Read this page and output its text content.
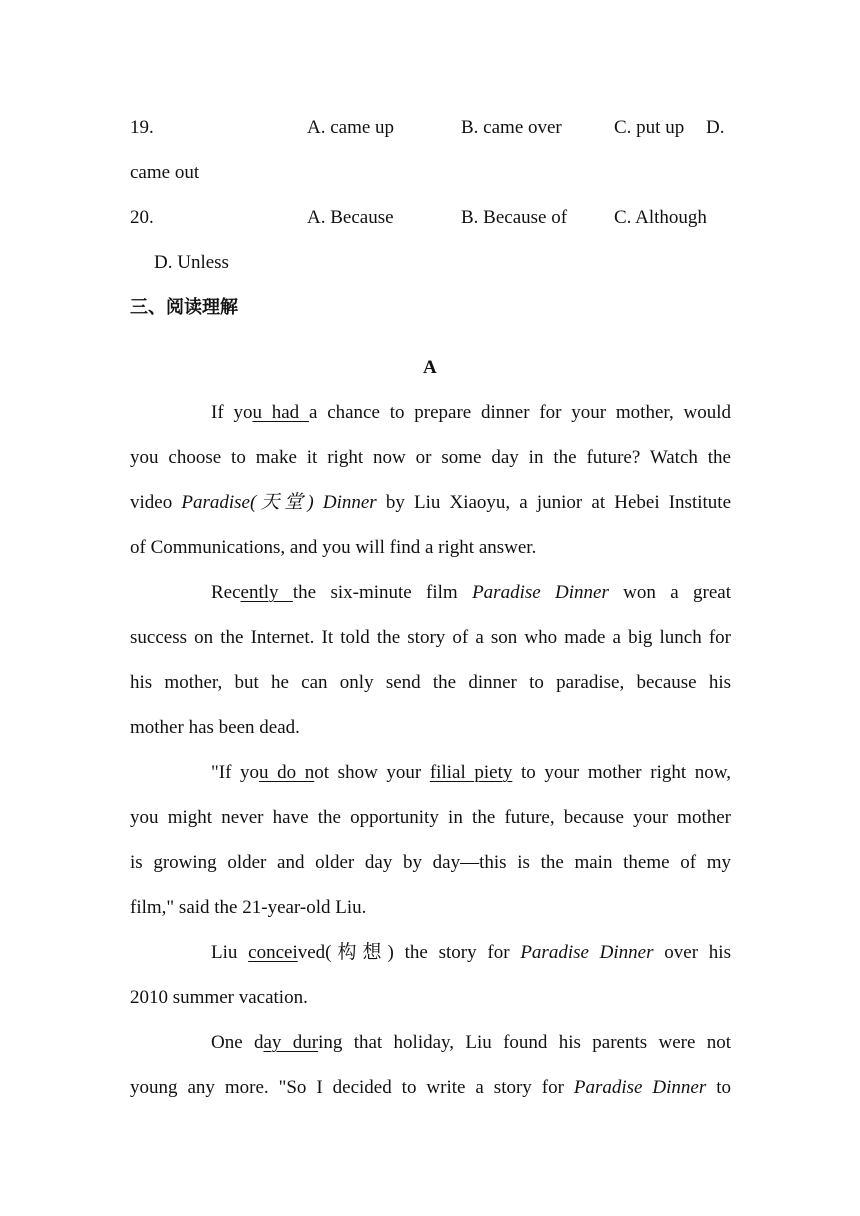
19.	A. came up	B. came over	C. put up D.
came out
20.	A. Because	B. Because of C. Although
D. Unless
三、阅读理解
A
If you had a chance to prepare dinner for your mother, would
you choose to make it right now or some day in the future? Watch the
video Paradise(天堂) Dinner by Liu Xiaoyu, a junior at Hebei Institute
of Communications, and you will find a right answer.
Recently the six-minute film Paradise Dinner won a great
success on the Internet. It told the story of a son who made a big lunch for
his mother, but he can only send the dinner to paradise, because his
mother has been dead.
"If you do not show your filial piety to your mother right now,
you might never have the opportunity in the future, because your mother
is growing older and older day by day—this is the main theme of my
film," said the 21-year-old Liu.
Liu conceived(构想) the story for Paradise Dinner over his
2010 summer vacation.
One day during that holiday, Liu found his parents were not
young any more. "So I decided to write a story for Paradise Dinner to
